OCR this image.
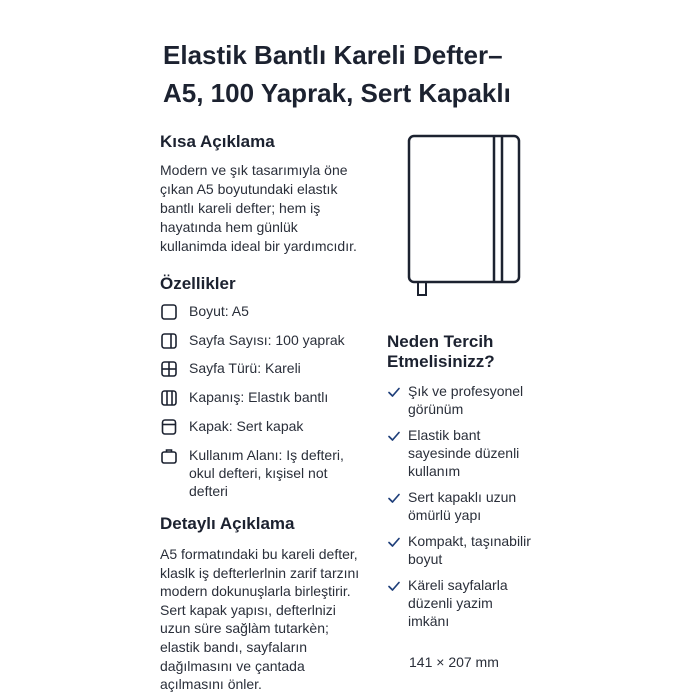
Elastik Bantlı Kareli Defter–
A5, 100 Yaprak, Sert Kapaklı
Kısa Açıklama
Modern ve şık tasarımıyla öne
çıkan A5 boyutundaki elastık
bantlı kareli defter; hem iş
hayatında hem günlük
kullanimda ideal bir yardımcıdır.
Özellikler
Boyut: A5
Sayfa Sayısı: 100 yaprak
Sayfa Türü: Kareli
Kapanış: Elastık bantlı
Kapak: Sert kapak
Kullanım Alanı: Iş defteri,
okul defteri, kışisel not
defteri
Detaylı Açıklama
A5 formatındaki bu kareli defter,
klaslk iş defterlerlnin zarif tarzını
modern dokunuşlarla birleştirir.
Sert kapak yapısı, defterlnizi
uzun süre sağlàm tutarkèn;
elastik bandı, sayfaların
dağılmasını ve çantada
açılmasını önler.
Neden Tercih
Etmelisinizz?
Şık ve profesyonel
görünüm
Elastik bant
sayesinde düzenli
kullanım
Sert kapaklı uzun
ömürlü yapı
Kompakt, taşınabilir
boyut
Käreli sayfalarla
düzenli yazim
imkänı
141 × 207 mm
